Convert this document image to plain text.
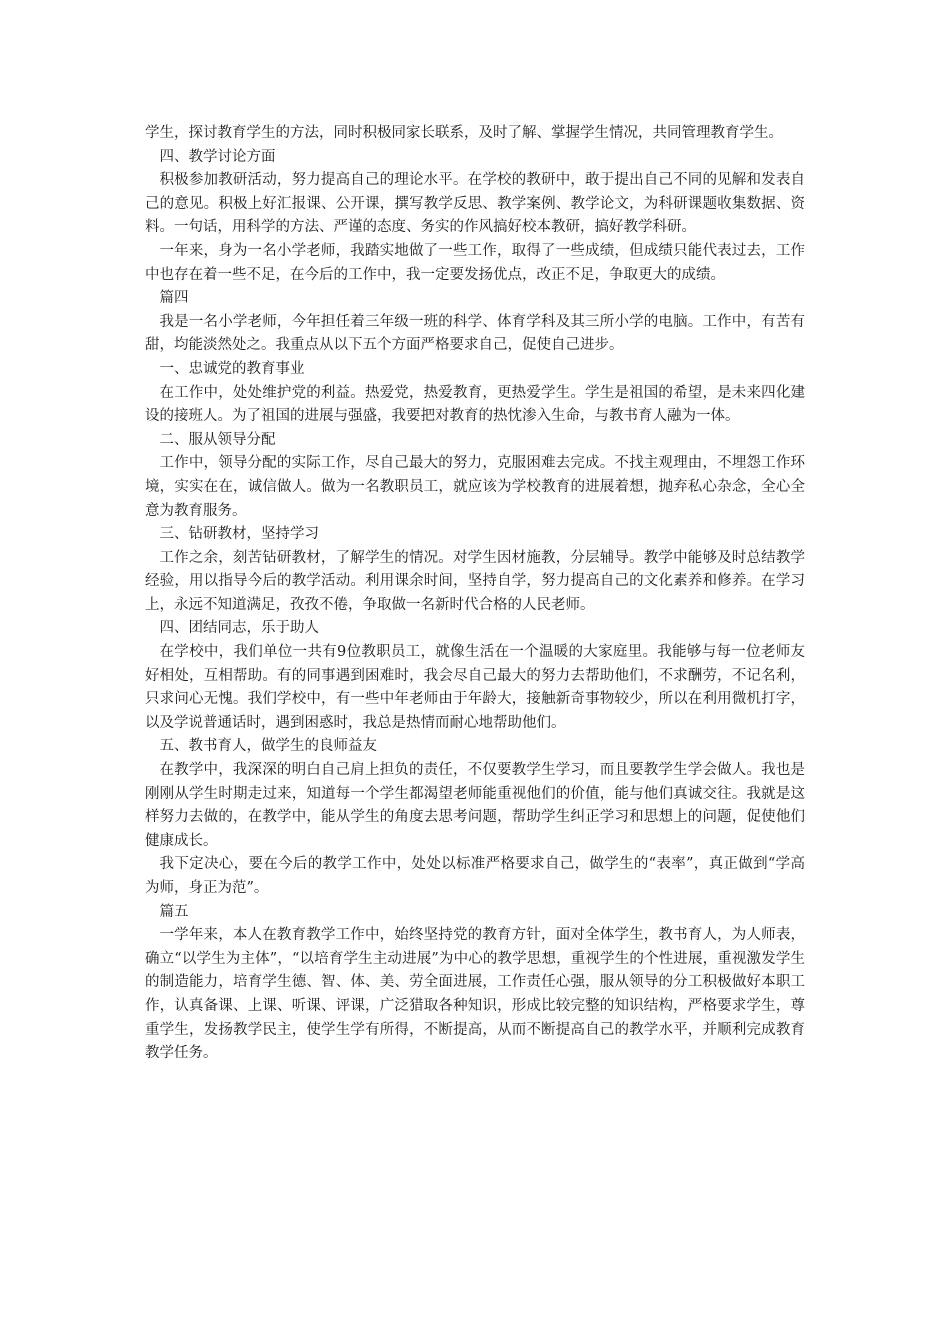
学生，探讨教育学生的方法，同时积极同家长联系，及时了解、掌握学生情况，共同管理教育学生。

四、教学讨论方面

积极参加教研活动，努力提高自己的理论水平。在学校的教研中，敢于提出自己不同的见解和发表自己的意见。积极上好汇报课、公开课，撰写教学反思、教学案例、教学论文，为科研课题收集数据、资料。一句话，用科学的方法、严谨的态度、务实的作风搞好校本教研，搞好教学科研。

一年来，身为一名小学老师，我踏实地做了一些工作，取得了一些成绩，但成绩只能代表过去，工作中也存在着一些不足，在今后的工作中，我一定要发扬优点，改正不足，争取更大的成绩。

篇四

我是一名小学老师，今年担任着三年级一班的科学、体育学科及其三所小学的电脑。工作中，有苦有甜，均能淡然处之。我重点从以下五个方面严格要求自己，促使自己进步。

一、忠诚党的教育事业

在工作中，处处维护党的利益。热爱党，热爱教育，更热爱学生。学生是祖国的希望，是未来四化建设的接班人。为了祖国的进展与强盛，我要把对教育的热忱渗入生命，与教书育人融为一体。

二、服从领导分配

工作中，领导分配的实际工作，尽自己最大的努力，克服困难去完成。不找主观理由，不埋怨工作环境，实实在在，诚信做人。做为一名教职员工，就应该为学校教育的进展着想，抛弃私心杂念，全心全意为教育服务。

三、钻研教材，坚持学习

工作之余，刻苦钻研教材，了解学生的情况。对学生因材施教，分层辅导。教学中能够及时总结教学经验，用以指导今后的教学活动。利用课余时间，坚持自学，努力提高自己的文化素养和修养。在学习上，永远不知道满足，孜孜不倦，争取做一名新时代合格的人民老师。

四、团结同志，乐于助人

在学校中，我们单位一共有9位教职员工，就像生活在一个温暖的大家庭里。我能够与每一位老师友好相处，互相帮助。有的同事遇到困难时，我会尽自己最大的努力去帮助他们，不求酬劳，不记名利，只求问心无愧。我们学校中，有一些中年老师由于年龄大，接触新奇事物较少，所以在利用微机打字，以及学说普通话时，遇到困惑时，我总是热情而耐心地帮助他们。

五、教书育人，做学生的良师益友

在教学中，我深深的明白自己肩上担负的责任，不仅要教学生学习，而且要教学生学会做人。我也是刚刚从学生时期走过来，知道每一个学生都渴望老师能重视他们的价值，能与他们真诚交往。我就是这样努力去做的，在教学中，能从学生的角度去思考问题，帮助学生纠正学习和思想上的问题，促使他们健康成长。

我下定决心，要在今后的教学工作中，处处以标准严格要求自己，做学生的“表率”，真正做到“学高为师，身正为范”。

篇五

一学年来，本人在教育教学工作中，始终坚持党的教育方针，面对全体学生，教书育人，为人师表，确立“以学生为主体”，“以培育学生主动进展”为中心的教学思想，重视学生的个性进展，重视激发学生的制造能力，培育学生德、智、体、美、劳全面进展，工作责任心强，服从领导的分工积极做好本职工作，认真备课、上课、听课、评课，广泛猎取各种知识，形成比较完整的知识结构，严格要求学生，尊重学生，发扬教学民主，使学生学有所得，不断提高，从而不断提高自己的教学水平，并顺利完成教育教学任务。
